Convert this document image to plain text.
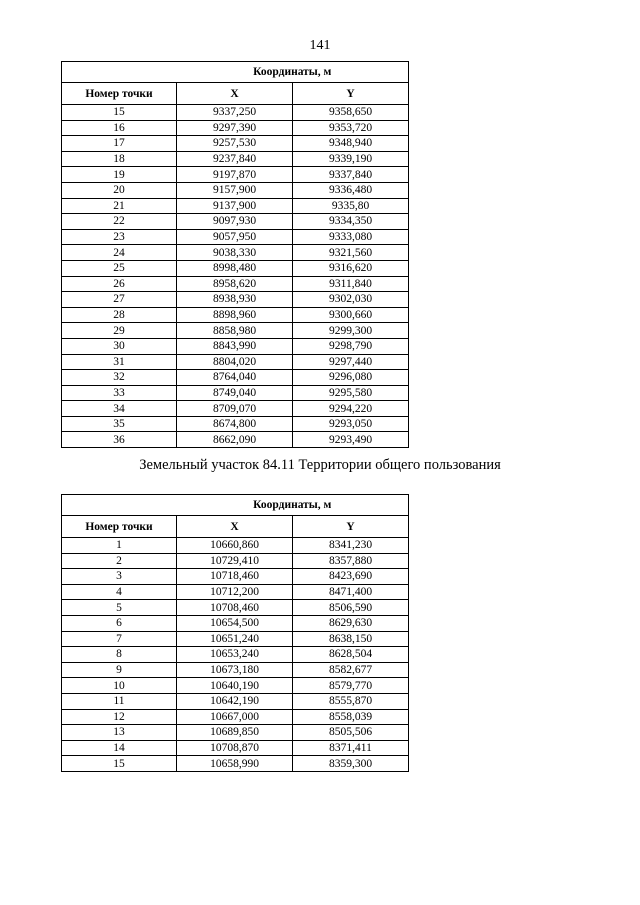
141
	Координаты, м	
Номер точки	X	Y
15	9337,250	9358,650
16	9297,390	9353,720
17	9257,530	9348,940
18	9237,840	9339,190
19	9197,870	9337,840
20	9157,900	9336,480
21	9137,900	9335,80
22	9097,930	9334,350
23	9057,950	9333,080
24	9038,330	9321,560
25	8998,480	9316,620
26	8958,620	9311,840
27	8938,930	9302,030
28	8898,960	9300,660
29	8858,980	9299,300
30	8843,990	9298,790
31	8804,020	9297,440
32	8764,040	9296,080
33	8749,040	9295,580
34	8709,070	9294,220
35	8674,800	9293,050
36	8662,090	9293,490
Земельный участок 84.11 Территории общего пользования
	Координаты, м	
Номер точки	X	Y
1	10660,860	8341,230
2	10729,410	8357,880
3	10718,460	8423,690
4	10712,200	8471,400
5	10708,460	8506,590
6	10654,500	8629,630
7	10651,240	8638,150
8	10653,240	8628,504
9	10673,180	8582,677
10	10640,190	8579,770
11	10642,190	8555,870
12	10667,000	8558,039
13	10689,850	8505,506
14	10708,870	8371,411
15	10658,990	8359,300
